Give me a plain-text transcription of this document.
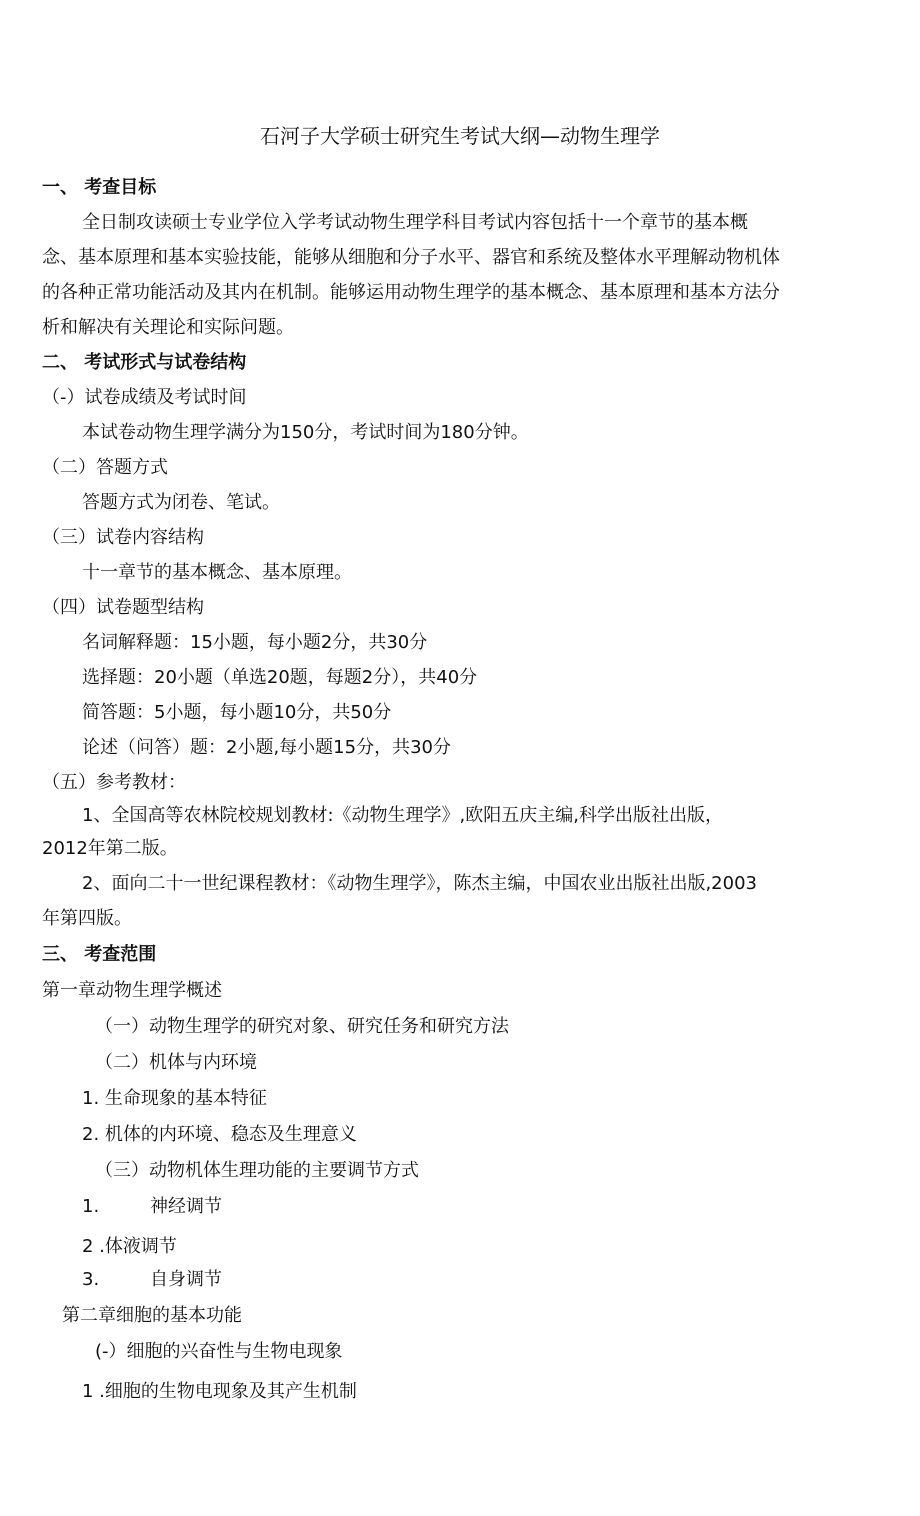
石河子大学硕士研究生考试大纲—动物生理学
一、 考查目标
全日制攻读硕士专业学位入学考试动物生理学科目考试内容包括十一个章节的基本概
念、基本原理和基本实验技能，能够从细胞和分子水平、器官和系统及整体水平理解动物机体
的各种正常功能活动及其内在机制。能够运用动物生理学的基本概念、基本原理和基本方法分
析和解决有关理论和实际问题。
二、 考试形式与试卷结构
（-）试卷成绩及考试时间
本试卷动物生理学满分为150分，考试时间为180分钟。
（二）答题方式
答题方式为闭卷、笔试。
（三）试卷内容结构
十一章节的基本概念、基本原理。
（四）试卷题型结构
名词解释题：15小题，每小题2分，共30分
选择题：20小题（单选20题，每题2分），共40分
简答题：5小题，每小题10分，共50分
论述（问答）题：2小题,每小题15分，共30分
（五）参考教材：
1、全国高等农林院校规划教材:《动物生理学》,欧阳五庆主编,科学出版社出版，
2012年第二版。
2、面向二十一世纪课程教材：《动物生理学》，陈杰主编，中国农业出版社出版,2003
年第四版。
三、 考查范围
第一章动物生理学概述
（一）动物生理学的研究对象、研究任务和研究方法
（二）机体与内环境
1. 生命现象的基本特征
2. 机体的内环境、稳态及生理意义
（三）动物机体生理功能的主要调节方式
1.	神经调节
2 .体液调节
3.	自身调节
第二章细胞的基本功能
(-）细胞的兴奋性与生物电现象
1 .细胞的生物电现象及其产生机制
